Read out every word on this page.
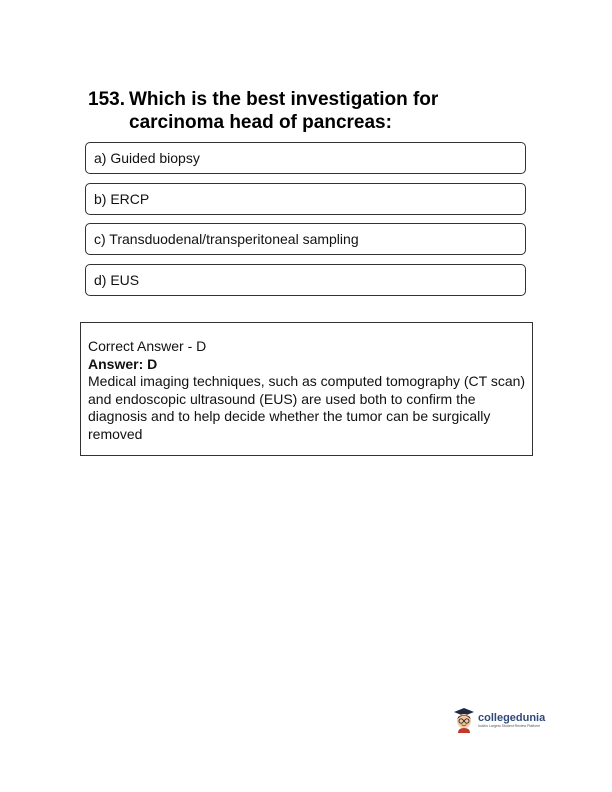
153. Which is the best investigation for carcinoma head of pancreas:
a) Guided biopsy
b) ERCP
c) Transduodenal/transperitoneal sampling
d) EUS
Correct Answer - D
Answer: D
Medical imaging techniques, such as computed tomography (CT scan) and endoscopic ultrasound (EUS) are used both to confirm the diagnosis and to help decide whether the tumor can be surgically removed
collegedunia
India's Largest Student Review Platform
